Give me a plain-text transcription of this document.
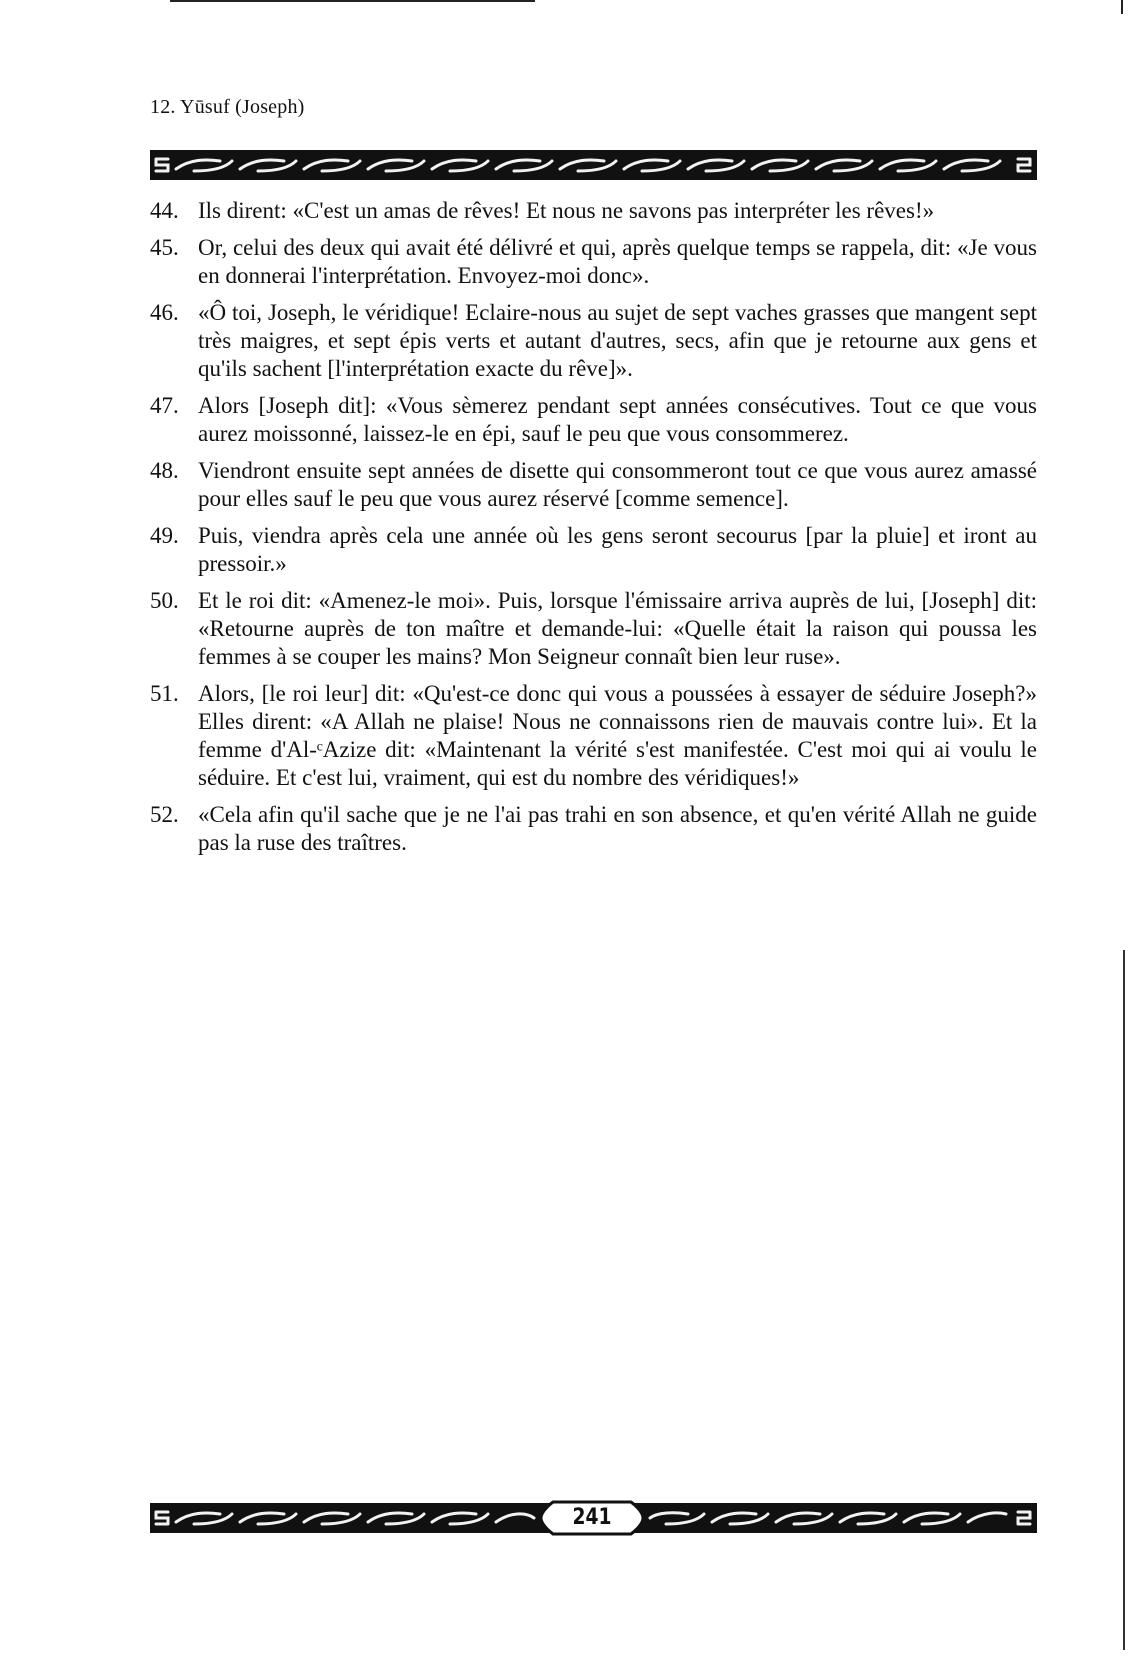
12. Yūsuf (Joseph)
44. Ils dirent: «C'est un amas de rêves! Et nous ne savons pas interpréter les rêves!»
45. Or, celui des deux qui avait été délivré et qui, après quelque temps se rappela, dit: «Je vous en donnerai l'interprétation. Envoyez-moi donc».
46. «Ô toi, Joseph, le véridique! Eclaire-nous au sujet de sept vaches grasses que mangent sept très maigres, et sept épis verts et autant d'autres, secs, afin que je retourne aux gens et qu'ils sachent [l'interprétation exacte du rêve]».
47. Alors [Joseph dit]: «Vous sèmerez pendant sept années consécutives. Tout ce que vous aurez moissonné, laissez-le en épi, sauf le peu que vous consommerez.
48. Viendront ensuite sept années de disette qui consommeront tout ce que vous aurez amassé pour elles sauf le peu que vous aurez réservé [comme semence].
49. Puis, viendra après cela une année où les gens seront secourus [par la pluie] et iront au pressoir.»
50. Et le roi dit: «Amenez-le moi». Puis, lorsque l'émissaire arriva auprès de lui, [Joseph] dit: «Retourne auprès de ton maître et demande-lui: «Quelle était la raison qui poussa les femmes à se couper les mains? Mon Seigneur connaît bien leur ruse».
51. Alors, [le roi leur] dit: «Qu'est-ce donc qui vous a poussées à essayer de séduire Joseph?» Elles dirent: «A Allah ne plaise! Nous ne connaissons rien de mauvais contre lui». Et la femme d'Al-ᶜAzize dit: «Maintenant la vérité s'est manifestée. C'est moi qui ai voulu le séduire. Et c'est lui, vraiment, qui est du nombre des véridiques!»
52. «Cela afin qu'il sache que je ne l'ai pas trahi en son absence, et qu'en vérité Allah ne guide pas la ruse des traîtres.
241
